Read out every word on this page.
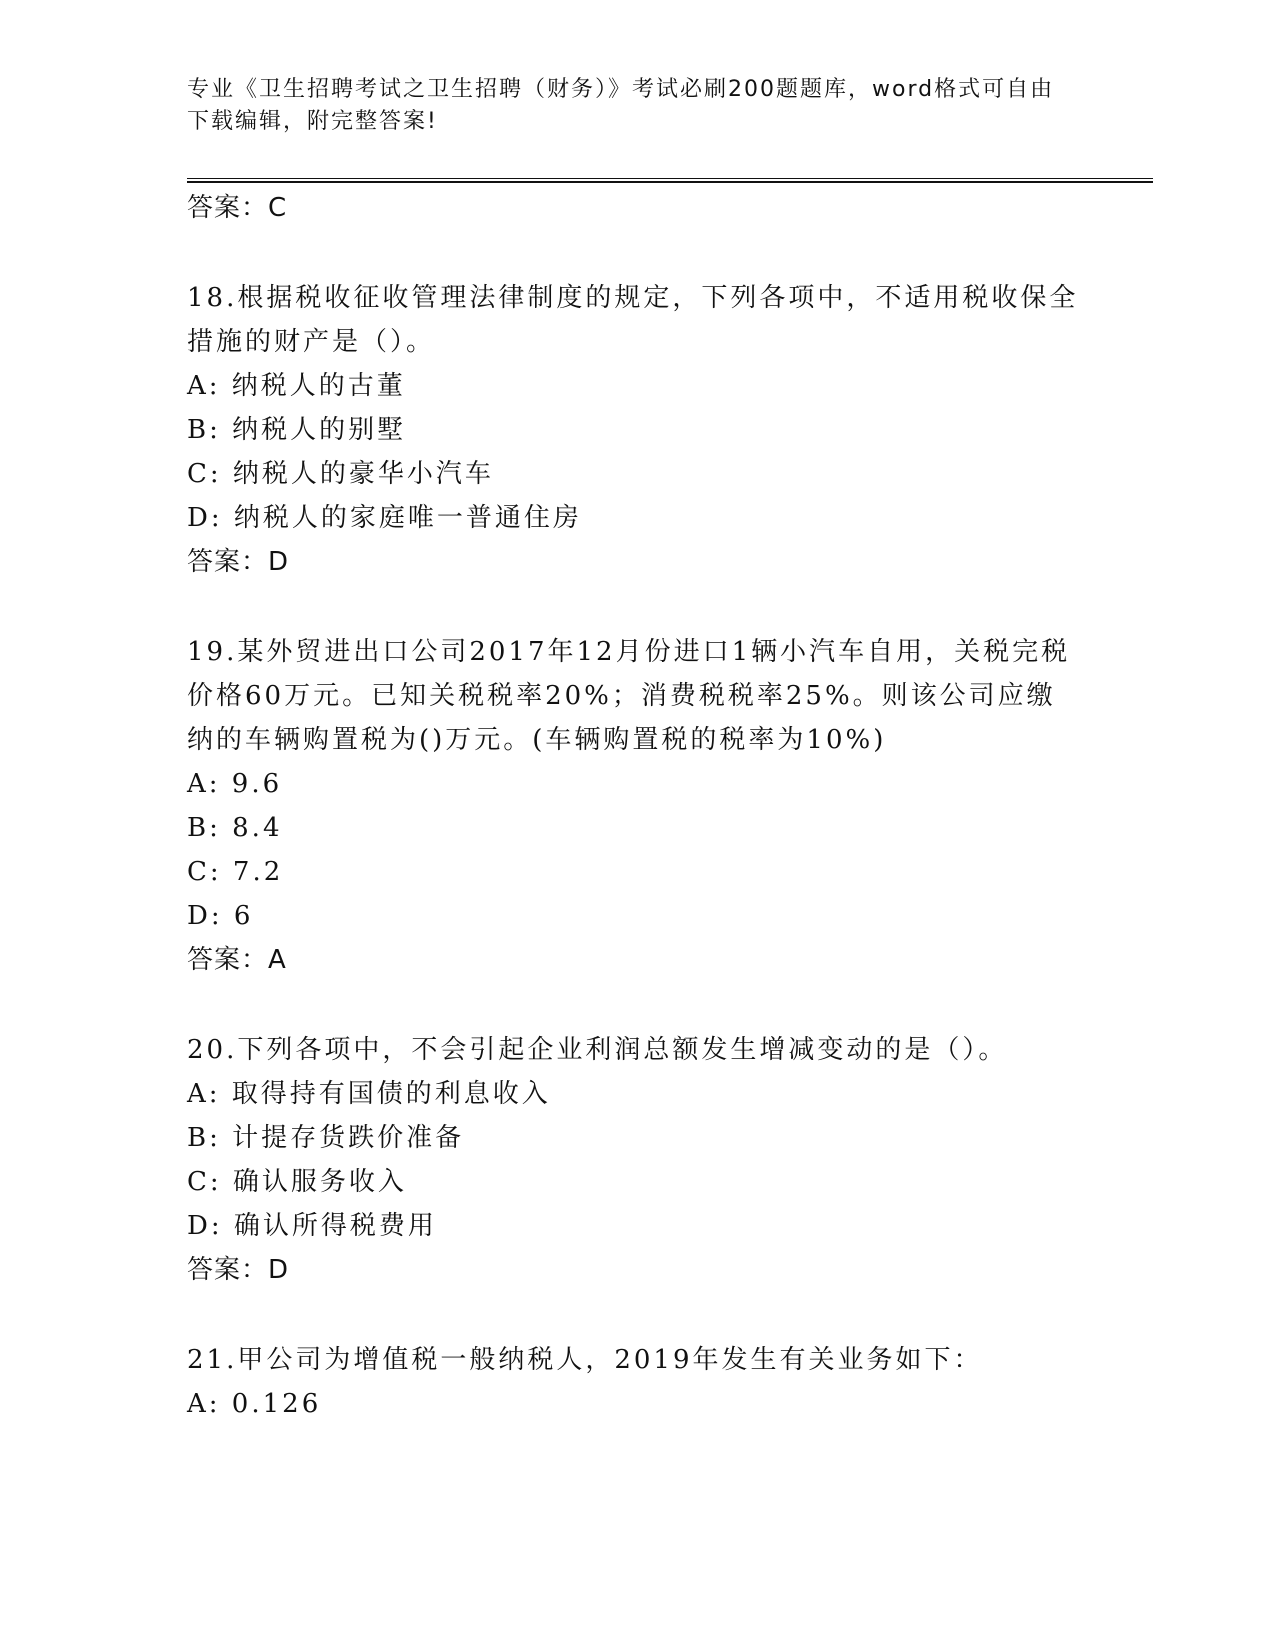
专业《卫生招聘考试之卫生招聘（财务）》考试必刷200题题库，word格式可自由下载编辑，附完整答案!
答案：C
18.根据税收征收管理法律制度的规定，下列各项中，不适用税收保全
措施的财产是（）。
A: 纳税人的古董
B: 纳税人的别墅
C: 纳税人的豪华小汽车
D: 纳税人的家庭唯一普通住房
答案：D
19.某外贸进出口公司2017年12月份进口1辆小汽车自用，关税完税
价格60万元。已知关税税率20%；消费税税率25%。则该公司应缴
纳的车辆购置税为()万元。(车辆购置税的税率为10%)
A: 9.6
B: 8.4
C: 7.2
D: 6
答案：A
20.下列各项中，不会引起企业利润总额发生增减变动的是（）。
A: 取得持有国债的利息收入
B: 计提存货跌价准备
C: 确认服务收入
D: 确认所得税费用
答案：D
21.甲公司为增值税一般纳税人，2019年发生有关业务如下：
A: 0.126
